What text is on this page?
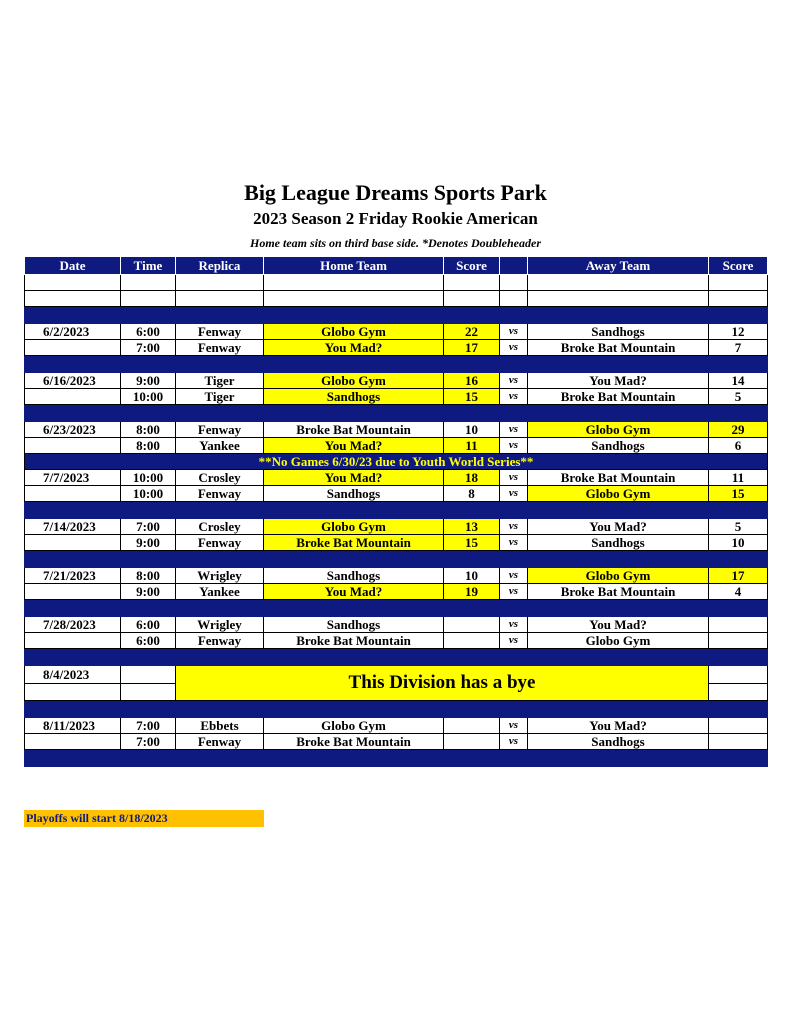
Big League Dreams Sports Park
2023 Season 2 Friday Rookie American
Home team sits on third base side. *Denotes Doubleheader
Date	Time	Replica	Home Team	Score		Away Team	Score

6/2/2023	6:00	Fenway	Globo Gym	22	vs	Sandhogs	12
	7:00	Fenway	You Mad?	17	vs	Broke Bat Mountain	7

6/16/2023	9:00	Tiger	Globo Gym	16	vs	You Mad?	14
	10:00	Tiger	Sandhogs	15	vs	Broke Bat Mountain	5

6/23/2023	8:00	Fenway	Broke Bat Mountain	10	vs	Globo Gym	29
	8:00	Yankee	You Mad?	11	vs	Sandhogs	6
**No Games 6/30/23 due to Youth World Series**							
7/7/2023	10:00	Crosley	You Mad?	18	vs	Broke Bat Mountain	11
	10:00	Fenway	Sandhogs	8	vs	Globo Gym	15

7/14/2023	7:00	Crosley	Globo Gym	13	vs	You Mad?	5
	9:00	Fenway	Broke Bat Mountain	15	vs	Sandhogs	10

7/21/2023	8:00	Wrigley	Sandhogs	10	vs	Globo Gym	17
	9:00	Yankee	You Mad?	19	vs	Broke Bat Mountain	4

7/28/2023	6:00	Wrigley	Sandhogs		vs	You Mad?	
	6:00	Fenway	Broke Bat Mountain		vs	Globo Gym	

8/4/2023		This Division has a bye					

8/11/2023	7:00	Ebbets	Globo Gym		vs	You Mad?	
	7:00	Fenway	Broke Bat Mountain		vs	Sandhogs	

Playoffs will start 8/18/2023
